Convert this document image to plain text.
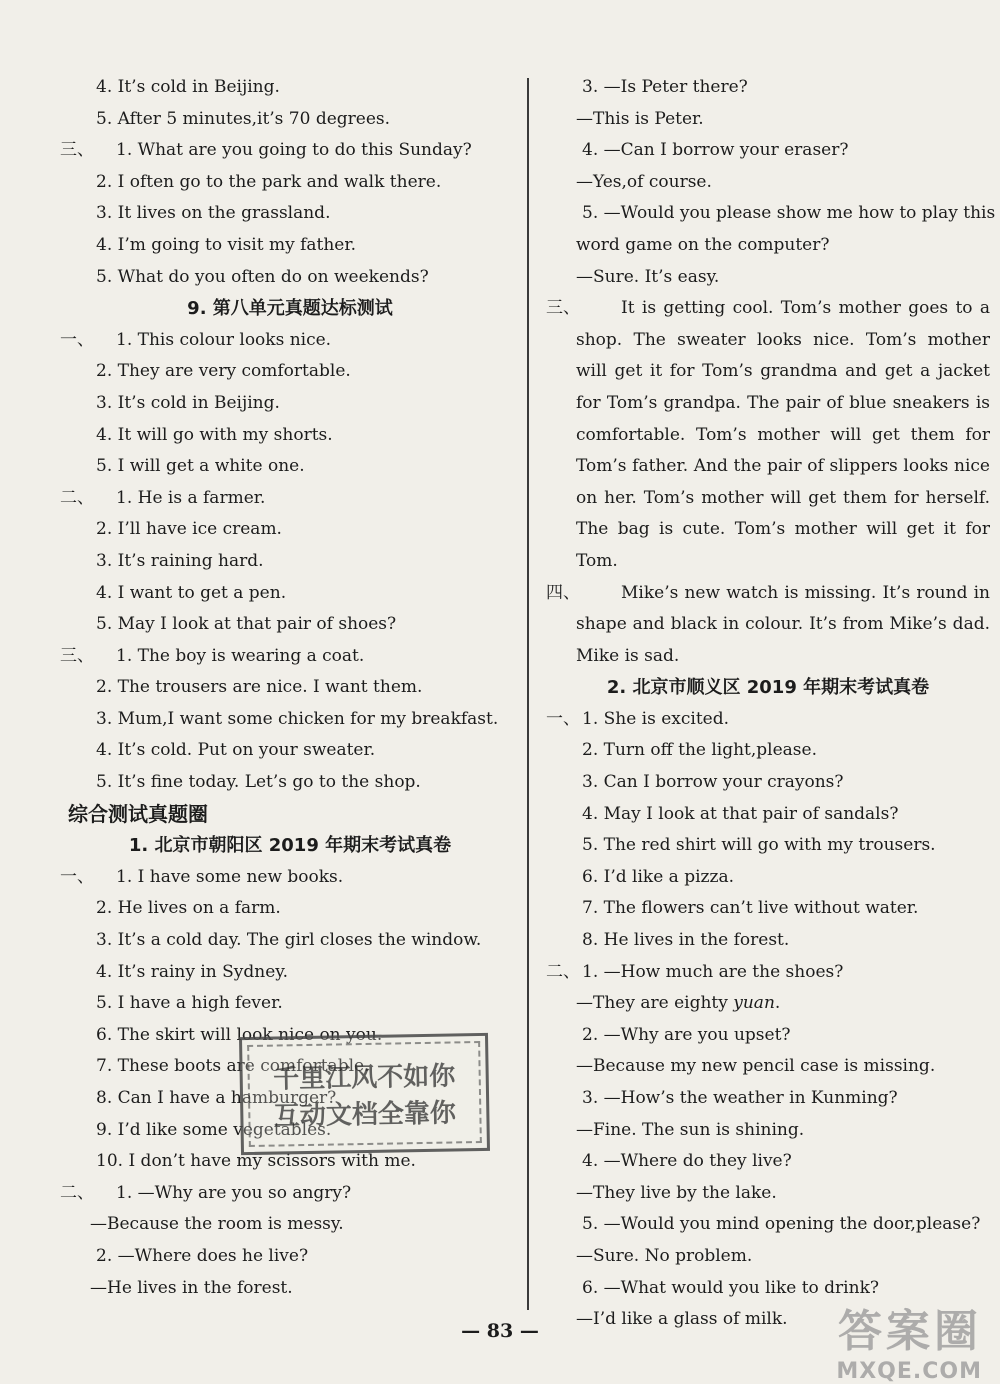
4. It’s cold in Beijing.
5. After 5 minutes,it’s 70 degrees.
三、 1. What are you going to do this Sunday?
2. I often go to the park and walk there.
3. It lives on the grassland.
4. I’m going to visit my father.
5. What do you often do on weekends?
9. 第八单元真题达标测试
一、 1. This colour looks nice.
2. They are very comfortable.
3. It’s cold in Beijing.
4. It will go with my shorts.
5. I will get a white one.
二、 1. He is a farmer.
2. I’ll have ice cream.
3. It’s raining hard.
4. I want to get a pen.
5. May I look at that pair of shoes?
三、 1. The boy is wearing a coat.
2. The trousers are nice. I want them.
3. Mum,I want some chicken for my breakfast.
4. It’s cold. Put on your sweater.
5. It’s fine today. Let’s go to the shop.
综合测试真题圈
1. 北京市朝阳区 2019 年期末考试真卷
一、 1. I have some new books.
2. He lives on a farm.
3. It’s a cold day. The girl closes the window.
4. It’s rainy in Sydney.
5. I have a high fever.
6. The skirt will look nice on you.
7. These boots are comfortable.
8. Can I have a hamburger?
9. I’d like some vegetables.
10. I don’t have my scissors with me.
二、 1. —Why are you so angry?
—Because the room is messy.
2. —Where does he live?
—He lives in the forest.
3. —Is Peter there?
—This is Peter.
4. —Can I borrow your eraser?
—Yes,of course.
5. —Would you please show me how to play this
word game on the computer?
—Sure. It’s easy.
三、	It is getting cool. Tom’s mother goes to a shop. The sweater looks nice. Tom’s mother will get it for Tom’s grandma and get a jacket for Tom’s grandpa. The pair of blue sneakers is comfortable. Tom’s mother will get them for Tom’s father. And the pair of slippers looks nice on her. Tom’s mother will get them for herself. The bag is cute. Tom’s mother will get it for Tom.
四、	Mike’s new watch is missing. It’s round in shape and black in colour. It’s from Mike’s dad. Mike is sad.
2. 北京市顺义区 2019 年期末考试真卷
一、 1. She is excited.
2. Turn off the light,please.
3. Can I borrow your crayons?
4. May I look at that pair of sandals?
5. The red shirt will go with my trousers.
6. I’d like a pizza.
7. The flowers can’t live without water.
8. He lives in the forest.
二、 1. —How much are the shoes?
—They are eighty yuan.
2. —Why are you upset?
—Because my new pencil case is missing.
3. —How’s the weather in Kunming?
—Fine. The sun is shining.
4. —Where do they live?
—They live by the lake.
5. —Would you mind opening the door,please?
—Sure. No problem.
6. —What would you like to drink?
—I’d like a glass of milk.
千里江风不如你
互动文档全靠你
— 83 —	答案圈
MXQE.COM
